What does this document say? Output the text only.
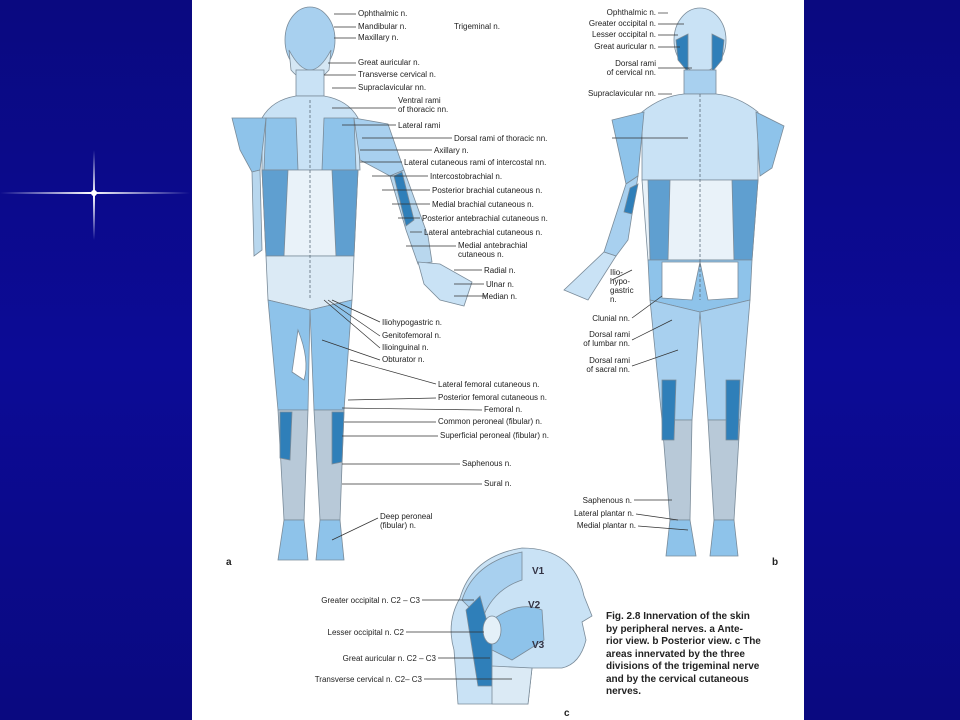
Ophthalmic n.
Mandibular n.
Maxillary n.
Trigeminal n.
Great auricular n.
Transverse cervical n.
Supraclavicular nn.
Ventral rami
of thoracic nn.
Lateral rami
Dorsal rami of thoracic nn.
Axillary n.
Lateral cutaneous rami of intercostal nn.
Intercostobrachial n.
Posterior brachial cutaneous n.
Medial brachial cutaneous n.
Posterior antebrachial cutaneous n.
Lateral antebrachial cutaneous n.
Medial antebrachial
cutaneous n.
Radial n.
Ulnar n.
Median n.
Iliohypogastric n.
Genitofemoral n.
Ilioinguinal n.
Obturator n.
Lateral femoral cutaneous n.
Posterior femoral cutaneous n.
Femoral n.
Common peroneal (fibular) n.
Superficial peroneal (fibular) n.
Saphenous n.
Sural n.
Deep peroneal
(fibular) n.
Ophthalmic n.
Greater occipital n.
Lesser occipital n.
Great auricular n.
Dorsal rami
of cervical nn.
Supraclavicular nn.
Ilio-
hypo-
gastric
n.
Clunial nn.
Dorsal rami
of lumbar nn.
Dorsal rami
of sacral nn.
Saphenous n.
Lateral plantar n.
Medial plantar n.
Greater occipital n. C2 – C3
Lesser occipital n. C2
Great auricular n. C2 – C3
Transverse cervical n. C2– C3
V1
V2
V3
a	b
c

Fig. 2.8 Innervation of the skin

by peripheral nerves. a Ante-

rior view. b Posterior view. c The

areas innervated by the three

divisions of the trigeminal nerve

and by the cervical cutaneous

nerves.
